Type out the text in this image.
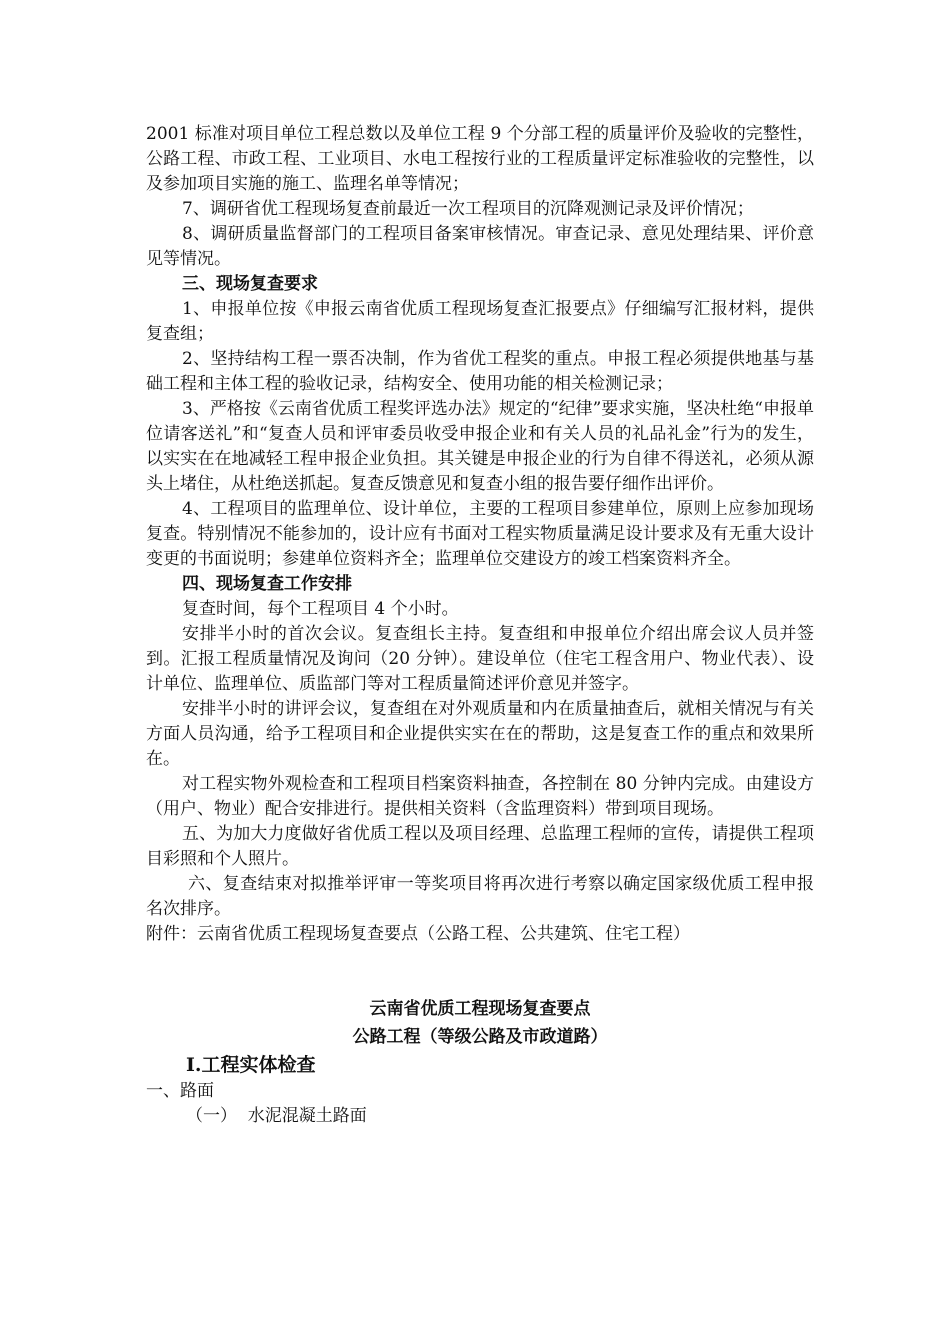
2001 标准对项目单位工程总数以及单位工程 9 个分部工程的质量评价及验收的完整性，公路工程、市政工程、工业项目、水电工程按行业的工程质量评定标准验收的完整性，以及参加项目实施的施工、监理名单等情况；

7、调研省优工程现场复查前最近一次工程项目的沉降观测记录及评价情况；

8、调研质量监督部门的工程项目备案审核情况。审查记录、意见处理结果、评价意见等情况。

三、现场复查要求

1、申报单位按《申报云南省优质工程现场复查汇报要点》仔细编写汇报材料，提供复查组；

2、坚持结构工程一票否决制，作为省优工程奖的重点。申报工程必须提供地基与基础工程和主体工程的验收记录，结构安全、使用功能的相关检测记录；

3、严格按《云南省优质工程奖评选办法》规定的“纪律”要求实施，坚决杜绝“申报单位请客送礼”和“复查人员和评审委员收受申报企业和有关人员的礼品礼金”行为的发生，以实实在在地减轻工程申报企业负担。其关键是申报企业的行为自律不得送礼，必须从源头上堵住，从杜绝送抓起。复查反馈意见和复查小组的报告要仔细作出评价。

4、工程项目的监理单位、设计单位，主要的工程项目参建单位，原则上应参加现场复查。特别情况不能参加的，设计应有书面对工程实物质量满足设计要求及有无重大设计变更的书面说明；参建单位资料齐全；监理单位交建设方的竣工档案资料齐全。

四、现场复查工作安排

复查时间，每个工程项目 4 个小时。

安排半小时的首次会议。复查组长主持。复查组和申报单位介绍出席会议人员并签到。汇报工程质量情况及询问（20 分钟）。建设单位（住宅工程含用户、物业代表）、设计单位、监理单位、质监部门等对工程质量简述评价意见并签字。

安排半小时的讲评会议，复查组在对外观质量和内在质量抽查后，就相关情况与有关方面人员沟通，给予工程项目和企业提供实实在在的帮助，这是复查工作的重点和效果所在。

对工程实物外观检查和工程项目档案资料抽查，各控制在 80 分钟内完成。由建设方（用户、物业）配合安排进行。提供相关资料（含监理资料）带到项目现场。

五、为加大力度做好省优质工程以及项目经理、总监理工程师的宣传，请提供工程项目彩照和个人照片。

六、复查结束对拟推举评审一等奖项目将再次进行考察以确定国家级优质工程申报名次排序。

附件：云南省优质工程现场复查要点（公路工程、公共建筑、住宅工程）

云南省优质工程现场复查要点

公路工程（等级公路及市政道路）

Ⅰ.工程实体检查

一、路面

（一）  水泥混凝土路面
